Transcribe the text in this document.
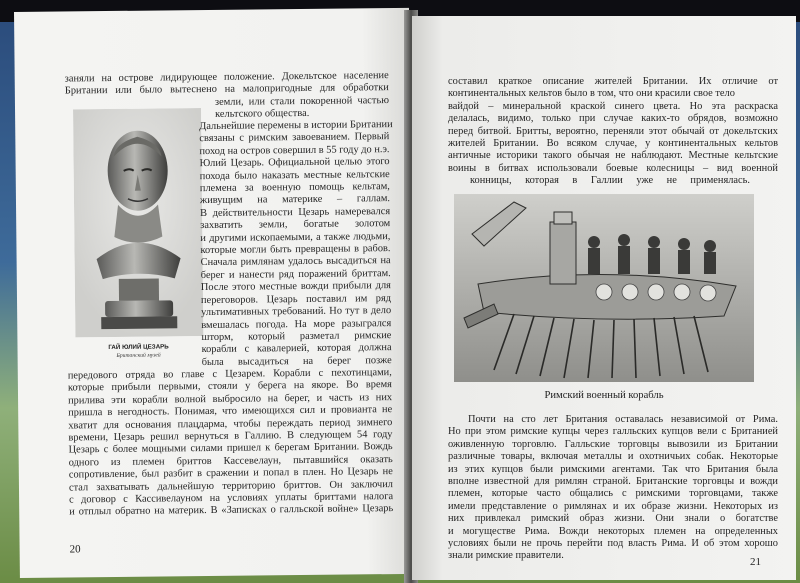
заняли на острове лидирующее положение. Докельтское население

Британии или было вытеснено на малопригодные для обработки

земли, или стали покоренной частью

кельтского общества.

ГАЙ ЮЛИЙ ЦЕЗАРЬ
Британский музей

Дальнейшие перемены в истории Британии

связаны с римским завоеванием. Первый

поход на остров совершил в 55 году до н.э.

Юлий Цезарь. Официальной целью этого

похода было наказать местные кельтские

племена за военную помощь кельтам,

живущим на материке – галлам.

В действительности Цезарь намеревался

захватить земли, богатые золотом

и другими ископаемыми, а также людьми,

которые могли быть превращены в рабов.

Сначала римлянам удалось высадиться на

берег и нанести ряд поражений бриттам.

После этого местные вожди прибыли для

переговоров. Цезарь поставил им ряд

ультимативных требований. Но тут в дело

вмешалась погода. На море разыгрался

шторм, который разметал римские

корабли с кавалерией, которая должна

была высадиться на берег позже

передового отряда во главе с Цезарем. Корабли с пехотинцами,

которые прибыли первыми, стояли у берега на якоре. Во время

прилива эти корабли волной выбросило на берег, и часть из них

пришла в негодность. Понимая, что имеющихся сил и провианта не

хватит для основания плацдарма, чтобы переждать период зимнего

времени, Цезарь решил вернуться в Галлию. В следующем 54 году

Цезарь с более мощными силами пришел к берегам Британии. Вождь

одного из племен бриттов Кассевелаун, пытавшийся оказать

сопротивление, был разбит в сражении и попал в плен. Но Цезарь не

стал захватывать дальнейшую территорию бриттов. Он заключил

с договор с Кассивелауном на условиях уплаты бриттами налога

и отплыл обратно на материк. В «Записках о галльской войне» Цезарь

20

составил краткое описание жителей Британии. Их отличие от

континентальных кельтов было в том, что они красили свое тело

вайдой – минеральной краской синего цвета. Но эта раскраска

делалась, видимо, только при случае каких-то обрядов, возможно

перед битвой. Бритты, вероятно, переняли этот обычай от докельтских

жителей Британии. Во всяком случае, у континентальных кельтов

античные историки такого обычая не наблюдают. Местные кельтские

воины в битвах использовали боевые колесницы – вид военной

конницы, которая в Галлии уже не применялась.

Римский военный корабль

Почти на сто лет Британия оставалась независимой от Рима.

Но при этом римские купцы через галльских купцов вели с Британией

оживленную торговлю. Галльские торговцы вывозили из Британии

различные товары, включая металлы и охотничьих собак. Некоторые

из этих купцов были римскими агентами. Так что Британия была

вполне известной для римлян страной. Британские торговцы и вожди

племен, которые часто общались с римскими торговцами, также

имели представление о римлянах и их образе жизни. Некоторых из

них привлекал римский образ жизни. Они знали о богатстве

и могуществе Рима. Вожди некоторых племен на определенных

условиях были не прочь перейти под власть Рима. И об этом хорошо

знали римские правители.

21
